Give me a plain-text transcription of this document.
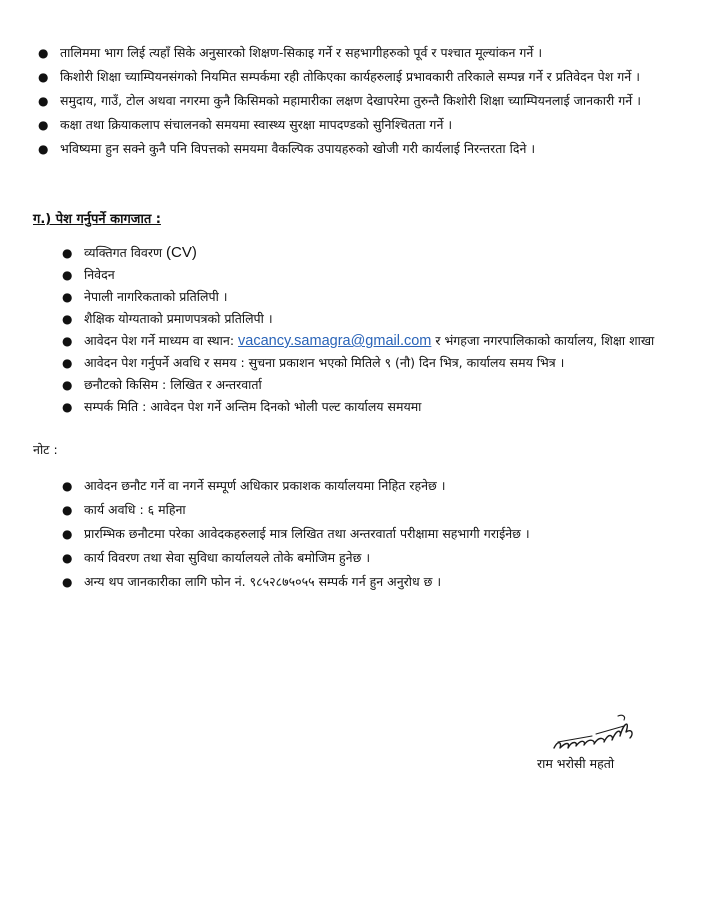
● तालिममा भाग लिई त्यहाँ सिके अनुसारको शिक्षण-सिकाइ गर्ने र सहभागीहरुको पूर्व र पश्चात मूल्यांकन गर्ने ।
● किशोरी शिक्षा च्याम्पियनसंगको नियमित सम्पर्कमा रही तोकिएका कार्यहरुलाई प्रभावकारी तरिकाले सम्पन्न गर्ने र प्रतिवेदन पेश गर्ने ।
● समुदाय, गाउँ, टोल अथवा नगरमा कुनै किसिमको महामारीका लक्षण देखापरेमा तुरुन्तै किशोरी शिक्षा च्याम्पियनलाई जानकारी गर्ने ।
● कक्षा तथा क्रियाकलाप संचालनको समयमा स्वास्थ्य सुरक्षा मापदण्डको सुनिश्चितता गर्ने ।
● भविष्यमा हुन सक्ने कुनै पनि विपत्तको समयमा वैकल्पिक उपायहरुको खोजी गरी कार्यलाई निरन्तरता दिने ।
ग.) पेश गर्नुपर्ने कागजात :
● व्यक्तिगत विवरण (CV)
● निवेदन
● नेपाली नागरिकताको प्रतिलिपी ।
● शैक्षिक योग्यताको प्रमाणपत्रको प्रतिलिपी ।
● आवेदन पेश गर्ने माध्यम वा स्थान: vacancy.samagra@gmail.com र भंगहजा नगरपालिकाको कार्यालय, शिक्षा शाखा
● आवेदन पेश गर्नुपर्ने अवधि र समय : सुचना प्रकाशन भएको मितिले ९ (नौ) दिन भित्र, कार्यालय समय भित्र ।
● छनौटको किसिम : लिखित र अन्तरवार्ता
● सम्पर्क मिति : आवेदन पेश गर्ने अन्तिम दिनको भोली पल्ट कार्यालय समयमा
नोट :
● आवेदन छनौट गर्ने वा नगर्ने सम्पूर्ण अधिकार प्रकाशक कार्यालयमा निहित रहनेछ ।
● कार्य अवधि : ६ महिना
● प्रारम्भिक छनौटमा परेका आवेदकहरुलाई मात्र लिखित तथा अन्तरवार्ता परीक्षामा सहभागी गराईनेछ ।
● कार्य विवरण तथा सेवा सुविधा कार्यालयले तोके बमोजिम हुनेछ ।
● अन्य थप जानकारीका लागि फोन नं. ९८५२८७५०५५ सम्पर्क गर्न हुन अनुरोध छ ।
राम भरोसी महतो
